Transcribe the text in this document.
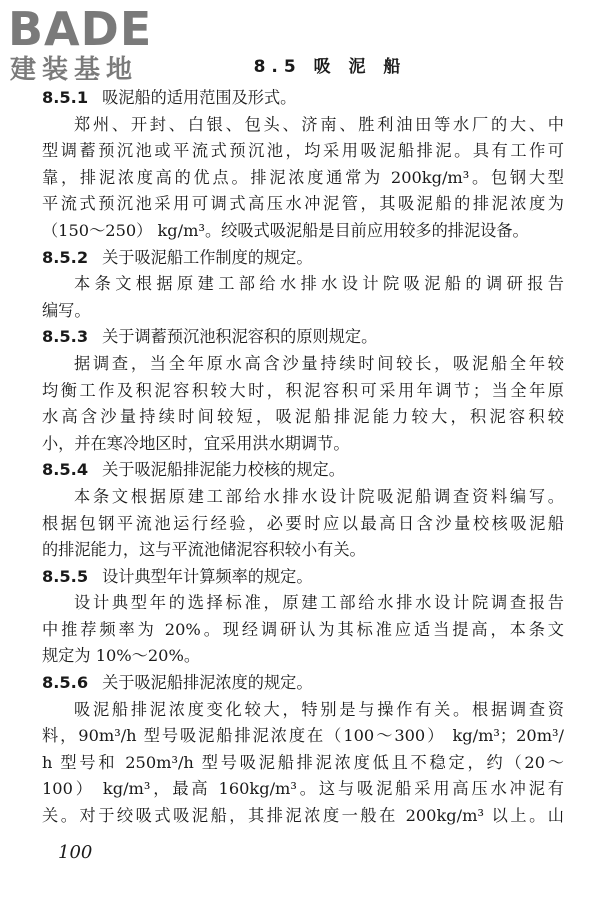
BADE
建装基地	8.5 吸 泥 船
8.5.1 吸泥船的适用范围及形式。
郑州、开封、白银、包头、济南、胜利油田等水厂的大、中
型调蓄预沉池或平流式预沉池，均采用吸泥船排泥。具有工作可
靠，排泥浓度高的优点。排泥浓度通常为 200kg/m³。包钢大型
平流式预沉池采用可调式高压水冲泥管，其吸泥船的排泥浓度为
（150～250） kg/m³。绞吸式吸泥船是目前应用较多的排泥设备。
8.5.2 关于吸泥船工作制度的规定。
本条文根据原建工部给水排水设计院吸泥船的调研报告
编写。
8.5.3 关于调蓄预沉池积泥容积的原则规定。
据调查，当全年原水高含沙量持续时间较长，吸泥船全年较
均衡工作及积泥容积较大时，积泥容积可采用年调节；当全年原
水高含沙量持续时间较短，吸泥船排泥能力较大，积泥容积较
小，并在寒冷地区时，宜采用洪水期调节。
8.5.4 关于吸泥船排泥能力校核的规定。
本条文根据原建工部给水排水设计院吸泥船调查资料编写。
根据包钢平流池运行经验，必要时应以最高日含沙量校核吸泥船
的排泥能力，这与平流池储泥容积较小有关。
8.5.5 设计典型年计算频率的规定。
设计典型年的选择标准，原建工部给水排水设计院调查报告
中推荐频率为 20%。现经调研认为其标准应适当提高，本条文
规定为 10%～20%。
8.5.6 关于吸泥船排泥浓度的规定。
吸泥船排泥浓度变化较大，特别是与操作有关。根据调查资
料，90m³/h 型号吸泥船排泥浓度在（100～300） kg/m³；20m³/
h 型号和 250m³/h 型号吸泥船排泥浓度低且不稳定，约（20～
100） kg/m³，最高 160kg/m³。这与吸泥船采用高压水冲泥有
关。对于绞吸式吸泥船，其排泥浓度一般在 200kg/m³ 以上。山
100
